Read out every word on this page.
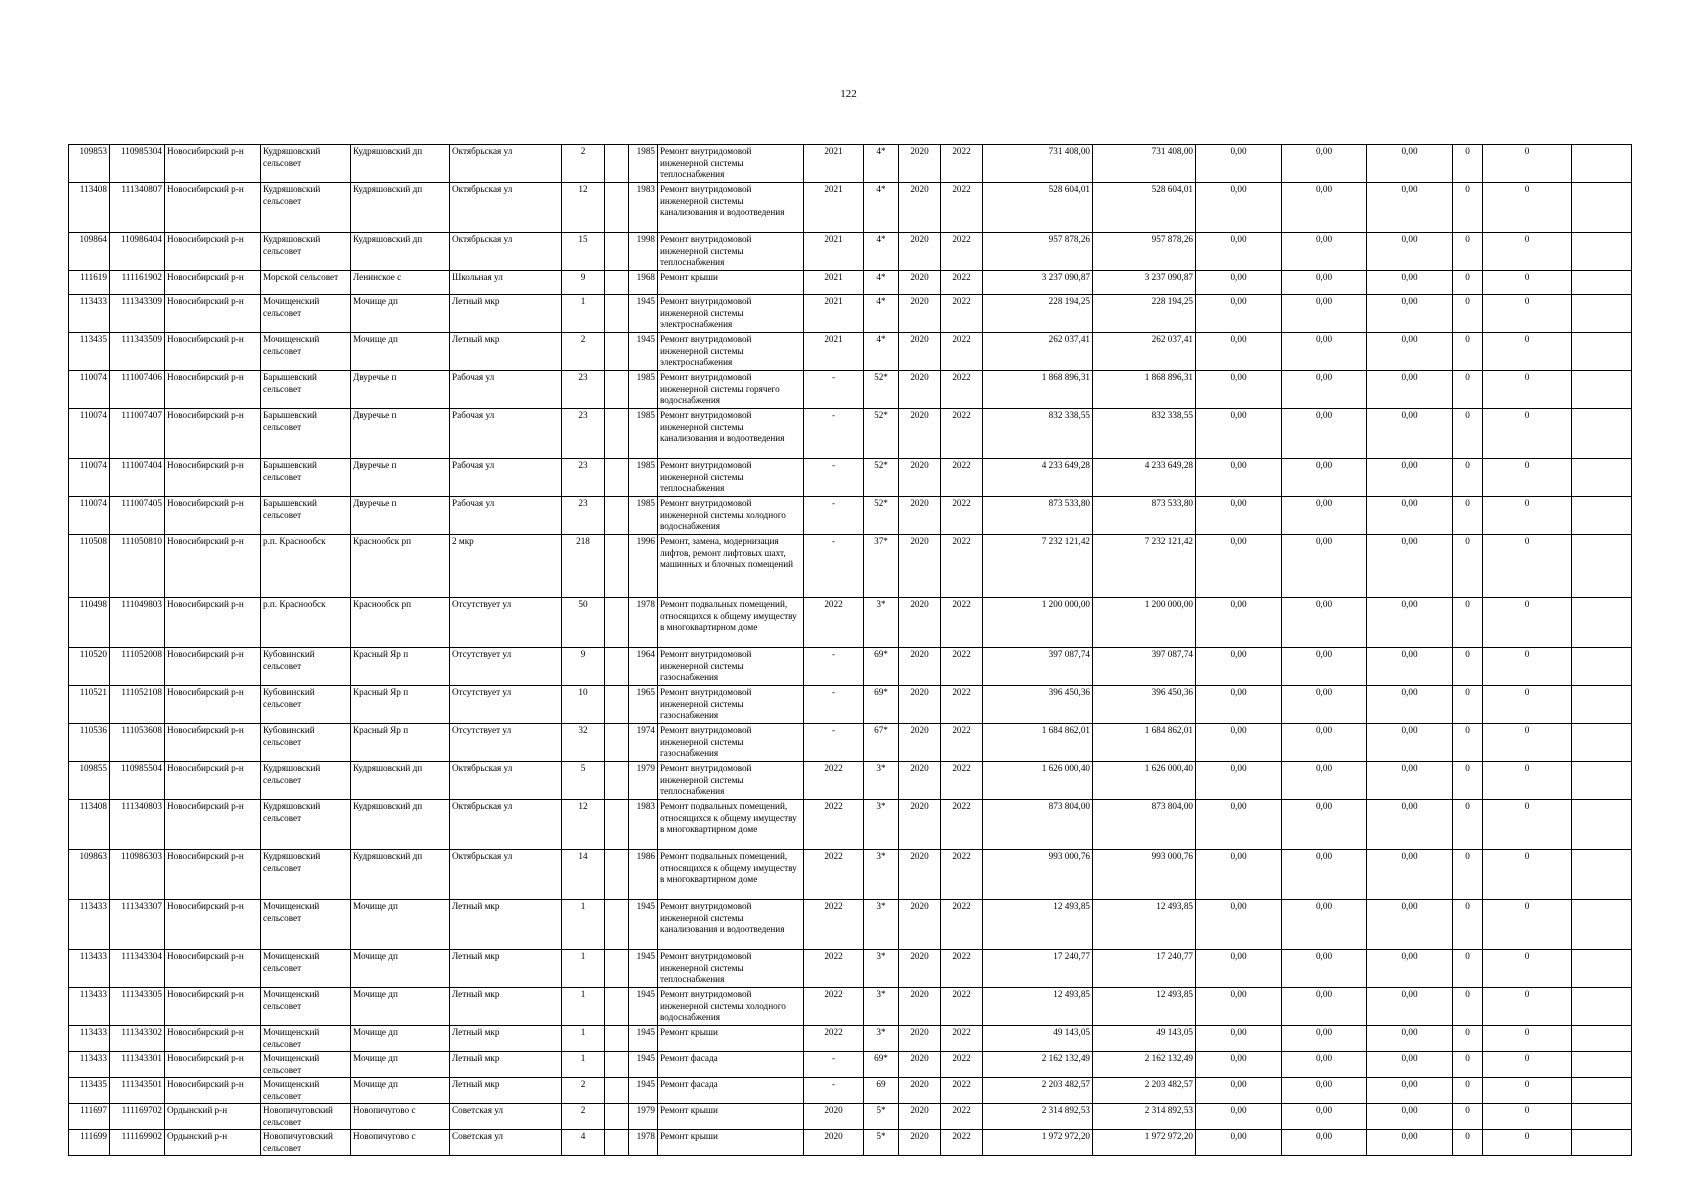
122
109853	110985304	Новосибирский р-н	Кудряшовский сельсовет	Кудряшовский дп	Октябрьская ул	2		1985	Ремонт внутридомовой инженерной системы теплоснабжения	2021	4*	2020	2022	731 408,00	731 408,00	0,00	0,00	0,00	0	0	
113408	111340807	Новосибирский р-н	Кудряшовский сельсовет	Кудряшовский дп	Октябрьская ул	12		1983	Ремонт внутридомовой инженерной системы канализования и водоотведения	2021	4*	2020	2022	528 604,01	528 604,01	0,00	0,00	0,00	0	0	
109864	110986404	Новосибирский р-н	Кудряшовский сельсовет	Кудряшовский дп	Октябрьская ул	15		1998	Ремонт внутридомовой инженерной системы теплоснабжения	2021	4*	2020	2022	957 878,26	957 878,26	0,00	0,00	0,00	0	0	
111619	111161902	Новосибирский р-н	Морской сельсовет	Ленинское с	Школьная ул	9		1968	Ремонт крыши	2021	4*	2020	2022	3 237 090,87	3 237 090,87	0,00	0,00	0,00	0	0	
113433	111343309	Новосибирский р-н	Мочищенский сельсовет	Мочище дп	Летный мкр	1		1945	Ремонт внутридомовой инженерной системы электроснабжения	2021	4*	2020	2022	228 194,25	228 194,25	0,00	0,00	0,00	0	0	
113435	111343509	Новосибирский р-н	Мочищенский сельсовет	Мочище дп	Летный мкр	2		1945	Ремонт внутридомовой инженерной системы электроснабжения	2021	4*	2020	2022	262 037,41	262 037,41	0,00	0,00	0,00	0	0	
110074	111007406	Новосибирский р-н	Барышевский сельсовет	Двуречье п	Рабочая ул	23		1985	Ремонт внутридомовой инженерной системы горячего водоснабжения	-	52*	2020	2022	1 868 896,31	1 868 896,31	0,00	0,00	0,00	0	0	
110074	111007407	Новосибирский р-н	Барышевский сельсовет	Двуречье п	Рабочая ул	23		1985	Ремонт внутридомовой инженерной системы канализования и водоотведения	-	52*	2020	2022	832 338,55	832 338,55	0,00	0,00	0,00	0	0	
110074	111007404	Новосибирский р-н	Барышевский сельсовет	Двуречье п	Рабочая ул	23		1985	Ремонт внутридомовой инженерной системы теплоснабжения	-	52*	2020	2022	4 233 649,28	4 233 649,28	0,00	0,00	0,00	0	0	
110074	111007405	Новосибирский р-н	Барышевский сельсовет	Двуречье п	Рабочая ул	23		1985	Ремонт внутридомовой инженерной системы холодного водоснабжения	-	52*	2020	2022	873 533,80	873 533,80	0,00	0,00	0,00	0	0	
110508	111050810	Новосибирский р-н	р.п. Краснообск	Краснообск рп	2 мкр	218		1996	Ремонт, замена, модернизация лифтов, ремонт лифтовых шахт, машинных и блочных помещений	-	37*	2020	2022	7 232 121,42	7 232 121,42	0,00	0,00	0,00	0	0	
110498	111049803	Новосибирский р-н	р.п. Краснообск	Краснообск рп	Отсутствует ул	50		1978	Ремонт подвальных помещений, относящихся к общему имуществу в многоквартирном доме	2022	3*	2020	2022	1 200 000,00	1 200 000,00	0,00	0,00	0,00	0	0	
110520	111052008	Новосибирский р-н	Кубовинский сельсовет	Красный Яр п	Отсутствует ул	9		1964	Ремонт внутридомовой инженерной системы газоснабжения	-	69*	2020	2022	397 087,74	397 087,74	0,00	0,00	0,00	0	0	
110521	111052108	Новосибирский р-н	Кубовинский сельсовет	Красный Яр п	Отсутствует ул	10		1965	Ремонт внутридомовой инженерной системы газоснабжения	-	69*	2020	2022	396 450,36	396 450,36	0,00	0,00	0,00	0	0	
110536	111053608	Новосибирский р-н	Кубовинский сельсовет	Красный Яр п	Отсутствует ул	32		1974	Ремонт внутридомовой инженерной системы газоснабжения	-	67*	2020	2022	1 684 862,01	1 684 862,01	0,00	0,00	0,00	0	0	
109855	110985504	Новосибирский р-н	Кудряшовский сельсовет	Кудряшовский дп	Октябрьская ул	5		1979	Ремонт внутридомовой инженерной системы теплоснабжения	2022	3*	2020	2022	1 626 000,40	1 626 000,40	0,00	0,00	0,00	0	0	
113408	111340803	Новосибирский р-н	Кудряшовский сельсовет	Кудряшовский дп	Октябрьская ул	12		1983	Ремонт подвальных помещений, относящихся к общему имуществу в многоквартирном доме	2022	3*	2020	2022	873 804,00	873 804,00	0,00	0,00	0,00	0	0	
109863	110986303	Новосибирский р-н	Кудряшовский сельсовет	Кудряшовский дп	Октябрьская ул	14		1986	Ремонт подвальных помещений, относящихся к общему имуществу в многоквартирном доме	2022	3*	2020	2022	993 000,76	993 000,76	0,00	0,00	0,00	0	0	
113433	111343307	Новосибирский р-н	Мочищенский сельсовет	Мочище дп	Летный мкр	1		1945	Ремонт внутридомовой инженерной системы канализования и водоотведения	2022	3*	2020	2022	12 493,85	12 493,85	0,00	0,00	0,00	0	0	
113433	111343304	Новосибирский р-н	Мочищенский сельсовет	Мочище дп	Летный мкр	1		1945	Ремонт внутридомовой инженерной системы теплоснабжения	2022	3*	2020	2022	17 240,77	17 240,77	0,00	0,00	0,00	0	0	
113433	111343305	Новосибирский р-н	Мочищенский сельсовет	Мочище дп	Летный мкр	1		1945	Ремонт внутридомовой инженерной системы холодного водоснабжения	2022	3*	2020	2022	12 493,85	12 493,85	0,00	0,00	0,00	0	0	
113433	111343302	Новосибирский р-н	Мочищенский сельсовет	Мочище дп	Летный мкр	1		1945	Ремонт крыши	2022	3*	2020	2022	49 143,05	49 143,05	0,00	0,00	0,00	0	0	
113433	111343301	Новосибирский р-н	Мочищенский сельсовет	Мочище дп	Летный мкр	1		1945	Ремонт фасада	-	69*	2020	2022	2 162 132,49	2 162 132,49	0,00	0,00	0,00	0	0	
113435	111343501	Новосибирский р-н	Мочищенский сельсовет	Мочище дп	Летный мкр	2		1945	Ремонт фасада	-	69	2020	2022	2 203 482,57	2 203 482,57	0,00	0,00	0,00	0	0	
111697	111169702	Ордынский р-н	Новопичуговский сельсовет	Новопичугово с	Советская ул	2		1979	Ремонт крыши	2020	5*	2020	2022	2 314 892,53	2 314 892,53	0,00	0,00	0,00	0	0	
111699	111169902	Ордынский р-н	Новопичуговский сельсовет	Новопичугово с	Советская ул	4		1978	Ремонт крыши	2020	5*	2020	2022	1 972 972,20	1 972 972,20	0,00	0,00	0,00	0	0	
